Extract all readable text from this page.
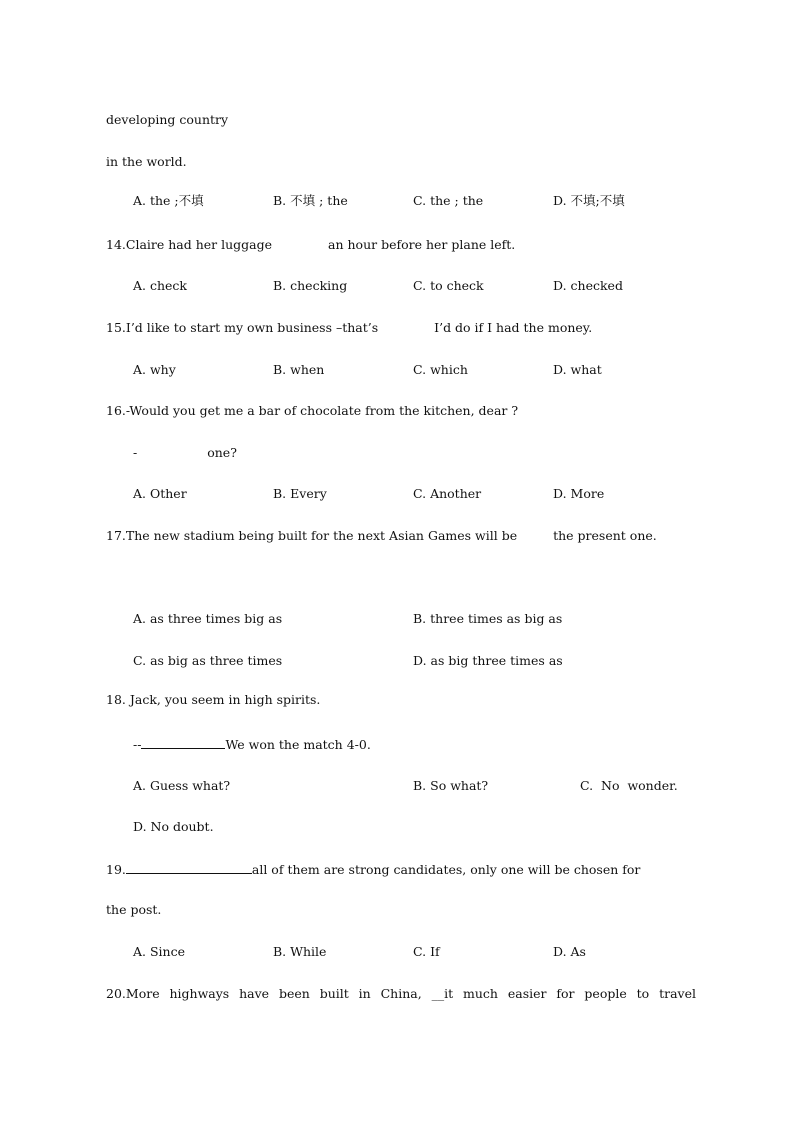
developing country
in the world.
A. the ;不填	B. 不填 ; the	C. the ; the	D. 不填;不填
14.Claire had her luggage	an hour before her plane left.
A. check	B. checking	C. to check	D. checked
15.I’d like to start my own business –that’s	I’d do if I had the money.
A. why	B. when	C. which	D. what
16.-Would you get me a bar of chocolate from the kitchen, dear ?
-	one?
A. Other	B. Every	C. Another	D. More
17.The new stadium being built for the next Asian Games will be	the present one.
A. as three times big as	B. three times as big as
C. as big as three times	D. as big three times as
18. Jack, you seem in high spirits.
--	We won the match 4-0.
A. Guess what?	B. So what?	C.  No  wonder.
D. No doubt.
19.	all of them are strong candidates, only one will be chosen for
the post.
A. Since	B. While	C. If	D. As
20.More highways have been built in China, __it much easier for people to travel
